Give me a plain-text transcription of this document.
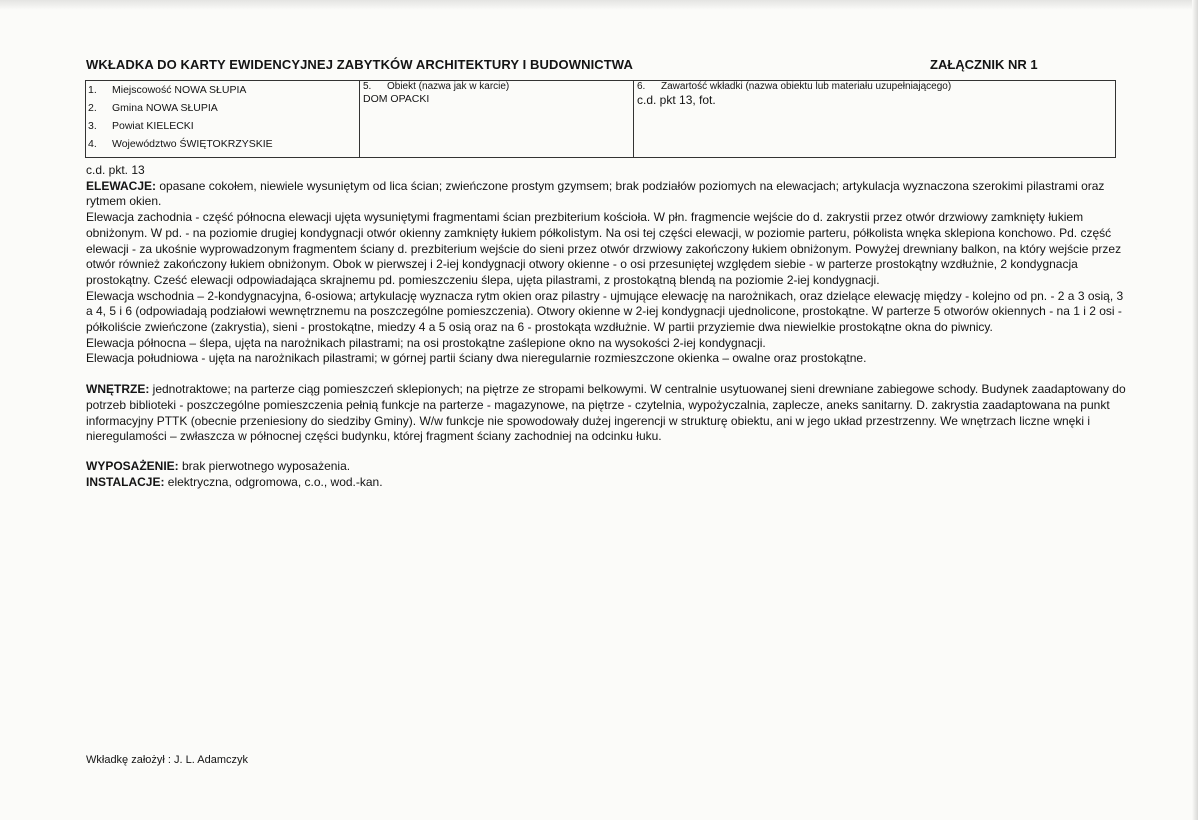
WKŁADKA DO KARTY EWIDENCYJNEJ ZABYTKÓW ARCHITEKTURY I BUDOWNICTWA	ZAŁĄCZNIK NR 1
1.	Miejscowość NOWA SŁUPIA
2.	Gmina NOWA SŁUPIA
3.	Powiat KIELECKI
4.	Województwo ŚWIĘTOKRZYSKIE
5.	Obiekt (nazwa jak w karcie)
DOM OPACKI
6.	Zawartość wkładki (nazwa obiektu lub materiału uzupełniającego)
c.d. pkt 13, fot.

c.d. pkt. 13

ELEWACJE: opasane cokołem, niewiele wysuniętym od lica ścian; zwieńczone prostym gzymsem; brak podziałów poziomych na elewacjach; artykulacja wyznaczona szerokimi pilastrami oraz rytmem okien.

Elewacja zachodnia - część północna elewacji ujęta wysuniętymi fragmentami ścian prezbiterium kościoła. W płn. fragmencie wejście do d. zakrystii przez otwór drzwiowy zamknięty łukiem obniżonym. W pd. - na poziomie drugiej kondygnacji otwór okienny zamknięty łukiem półkolistym. Na osi tej części elewacji, w poziomie parteru, półkolista wnęka sklepiona konchowo. Pd. część elewacji - za ukośnie wyprowadzonym fragmentem ściany d. prezbiterium wejście do sieni przez otwór drzwiowy zakończony łukiem obniżonym. Powyżej drewniany balkon, na który wejście przez otwór również zakończony łukiem obniżonym. Obok w pierwszej i 2-iej kondygnacji otwory okienne - o osi przesuniętej względem siebie - w parterze prostokątny wzdłużnie, 2 kondygnacja prostokątny. Cześć elewacji odpowiadająca skrajnemu pd. pomieszczeniu ślepa, ujęta pilastrami, z prostokątną blendą na poziomie 2-iej kondygnacji.

Elewacja wschodnia – 2-kondygnacyjna, 6-osiowa; artykulację wyznacza rytm okien oraz pilastry - ujmujące elewację na narożnikach, oraz dzielące elewację między - kolejno od pn. - 2 a 3 osią, 3 a 4, 5 i 6 (odpowiadają podziałowi wewnętrznemu na poszczególne pomieszczenia). Otwory okienne w 2-iej kondygnacji ujednolicone, prostokątne. W parterze 5 otworów okiennych - na 1 i 2 osi - półkoliście zwieńczone (zakrystia), sieni - prostokątne, miedzy 4 a 5 osią oraz na 6 - prostokąta wzdłużnie. W partii przyziemie dwa niewielkie prostokątne okna do piwnicy.

Elewacja północna – ślepa, ujęta na narożnikach pilastrami; na osi prostokątne zaślepione okno na wysokości 2-iej kondygnacji.

Elewacja południowa - ujęta na narożnikach pilastrami; w górnej partii ściany dwa nieregularnie rozmieszczone okienka – owalne oraz prostokątne.

WNĘTRZE: jednotraktowe; na parterze ciąg pomieszczeń sklepionych; na piętrze ze stropami belkowymi. W centralnie usytuowanej sieni drewniane zabiegowe schody. Budynek zaadaptowany do potrzeb biblioteki - poszczególne pomieszczenia pełnią funkcje na parterze - magazynowe, na piętrze - czytelnia, wypożyczalnia, zaplecze, aneks sanitarny. D. zakrystia zaadaptowana na punkt informacyjny PTTK (obecnie przeniesiony do siedziby Gminy). W/w funkcje nie spowodowały dużej ingerencji w strukturę obiektu, ani w jego układ przestrzenny. We wnętrzach liczne wnęki i nieregulamości – zwłaszcza w północnej części budynku, której fragment ściany zachodniej na odcinku łuku.

WYPOSAŻENIE: brak pierwotnego wyposażenia.

INSTALACJE: elektryczna, odgromowa, c.o., wod.-kan.

Wkładkę założył : J. L. Adamczyk
